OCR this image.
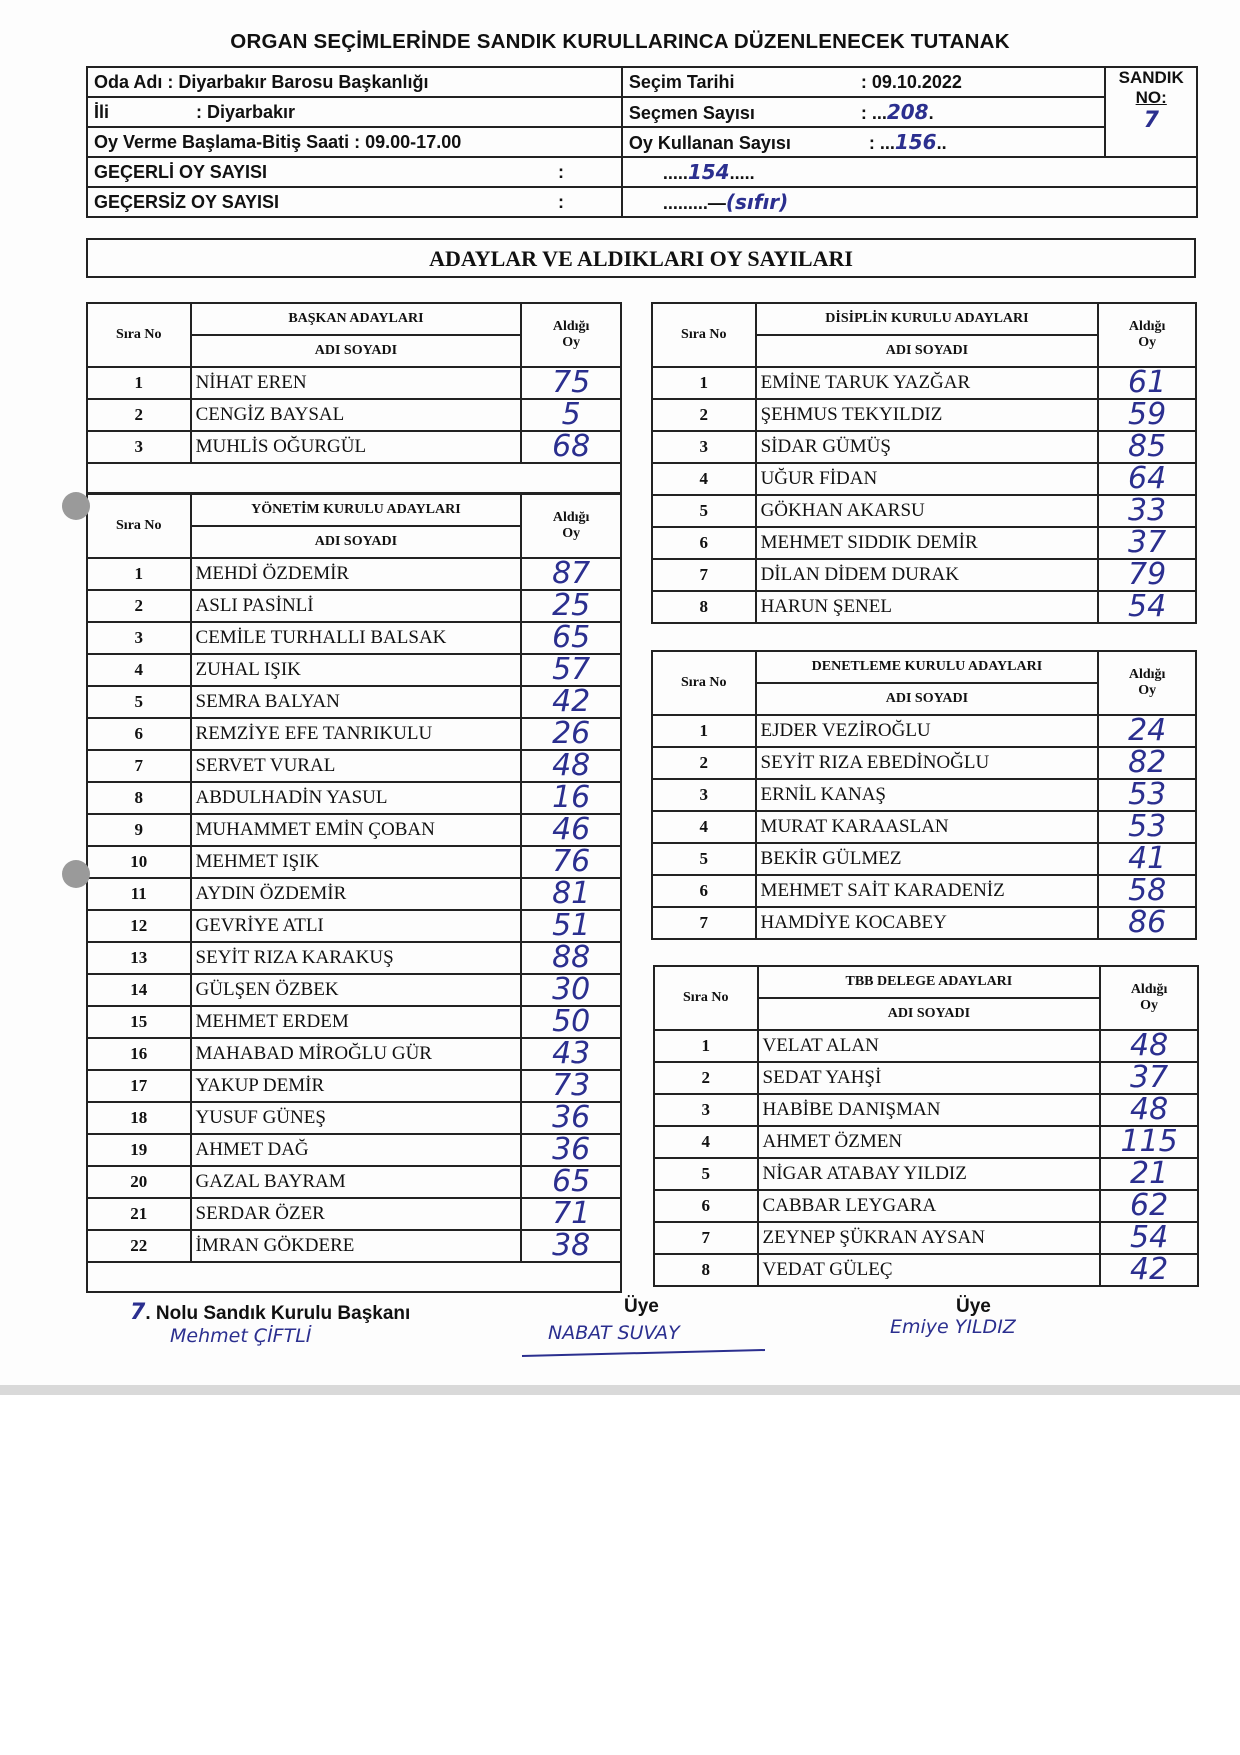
ORGAN SEÇİMLERİNDE SANDIK KURULLARINCA DÜZENLENECEK TUTANAK
Oda Adı : Diyarbakır Barosu Başkanlığı	Seçim Tarihi : 09.10.2022	SANDIK
NO:
7

İli : Diyarbakır	Seçmen Sayısı : ...208.	
Oy Verme Başlama-Bitiş Saati : 09.00-17.00	Oy Kullanan Sayısı : ...156..	
GEÇERLİ OY SAYISI :	.....154.....	
GEÇERSİZ OY SAYISI :	.........—(sıfır)	
ADAYLAR VE ALDIKLARI OY SAYILARI
Sıra No	BAŞKAN ADAYLARI	Aldığı
Oy

	ADI SOYADI	
1	NİHAT EREN	75
2	CENGİZ BAYSAL	5
3	MUHLİS OĞURGÜL	68

Sıra No	YÖNETİM KURULU ADAYLARI	Aldığı
Oy

	ADI SOYADI	
1	MEHDİ ÖZDEMİR	87
2	ASLI PASİNLİ	25
3	CEMİLE TURHALLI BALSAK	65
4	ZUHAL IŞIK	57
5	SEMRA BALYAN	42
6	REMZİYE EFE TANRIKULU	26
7	SERVET VURAL	48
8	ABDULHADİN YASUL	16
9	MUHAMMET EMİN ÇOBAN	46
10	MEHMET IŞIK	76
11	AYDIN ÖZDEMİR	81
12	GEVRİYE ATLI	51
13	SEYİT RIZA KARAKUŞ	88
14	GÜLŞEN ÖZBEK	30
15	MEHMET ERDEM	50
16	MAHABAD MİROĞLU GÜR	43
17	YAKUP DEMİR	73
18	YUSUF GÜNEŞ	36
19	AHMET DAĞ	36
20	GAZAL BAYRAM	65
21	SERDAR ÖZER	71
22	İMRAN GÖKDERE	38

Sıra No	DİSİPLİN KURULU ADAYLARI	Aldığı
Oy

	ADI SOYADI	
1	EMİNE TARUK YAZĞAR	61
2	ŞEHMUS TEKYILDIZ	59
3	SİDAR GÜMÜŞ	85
4	UĞUR FİDAN	64
5	GÖKHAN AKARSU	33
6	MEHMET SIDDIK DEMİR	37
7	DİLAN DİDEM DURAK	79
8	HARUN ŞENEL	54
Sıra No	DENETLEME KURULU ADAYLARI	Aldığı
Oy

	ADI SOYADI	
1	EJDER VEZİROĞLU	24
2	SEYİT RIZA EBEDİNOĞLU	82
3	ERNİL KANAŞ	53
4	MURAT KARAASLAN	53
5	BEKİR GÜLMEZ	41
6	MEHMET SAİT KARADENİZ	58
7	HAMDİYE KOCABEY	86
Sıra No	TBB DELEGE ADAYLARI	Aldığı
Oy

	ADI SOYADI	
1	VELAT ALAN	48
2	SEDAT YAHŞİ	37
3	HABİBE DANIŞMAN	48
4	AHMET ÖZMEN	115
5	NİGAR ATABAY YILDIZ	21
6	CABBAR LEYGARA	62
7	ZEYNEP ŞÜKRAN AYSAN	54
8	VEDAT GÜLEÇ	42
7. Nolu Sandık Kurulu Başkanı
Mehmet ÇİFTLİ
Üye
NABAT SUVAY
Üye
Emiye YILDIZ
